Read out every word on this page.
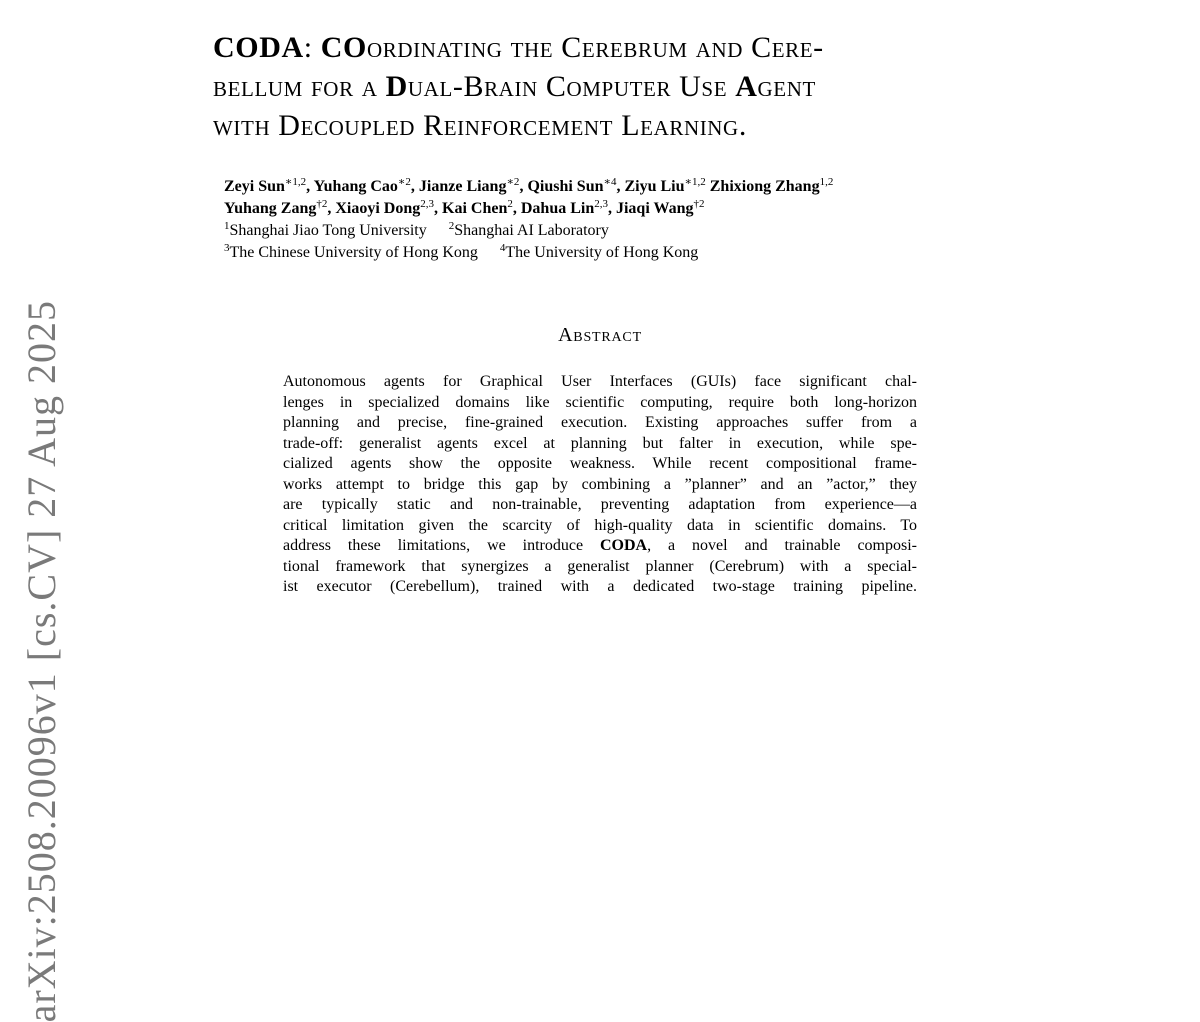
arXiv:2508.20096v1 [cs.CV] 27 Aug 2025
CODA: COordinating the Cerebrum and Cere-
bellum for a Dual-Brain Computer Use Agent
with Decoupled Reinforcement Learning.
Zeyi Sun$^{∗1,2}$, Yuhang Cao$^{∗2}$, Jianze Liang$^{∗2}$, Qiushi Sun$^{∗4}$, Ziyu Liu$^{∗1,2}$ Zhixiong Zhang$^{1,2}$
Yuhang Zang$^{\dagger 2}$, Xiaoyi Dong$^{2,3}$, Kai Chen$^2$, Dahua Lin$^{2,3}$, Jiaqi Wang$^{\dagger 2}$
$^1$Shanghai Jiao Tong University $^2$Shanghai AI Laboratory
$^3$The Chinese University of Hong Kong $^4$The University of Hong Kong
Abstract
Autonomous agents for Graphical User Interfaces (GUIs) face significant chal-
lenges in specialized domains like scientific computing, require both long-horizon
planning and precise, fine-grained execution. Existing approaches suffer from a
trade-off: generalist agents excel at planning but falter in execution, while spe-
cialized agents show the opposite weakness. While recent compositional frame-
works attempt to bridge this gap by combining a ”planner” and an ”actor,” they
are typically static and non-trainable, preventing adaptation from experience—a
critical limitation given the scarcity of high-quality data in scientific domains. To
address these limitations, we introduce CODA, a novel and trainable composi-
tional framework that synergizes a generalist planner (Cerebrum) with a special-
ist executor (Cerebellum), trained with a dedicated two-stage training pipeline.
